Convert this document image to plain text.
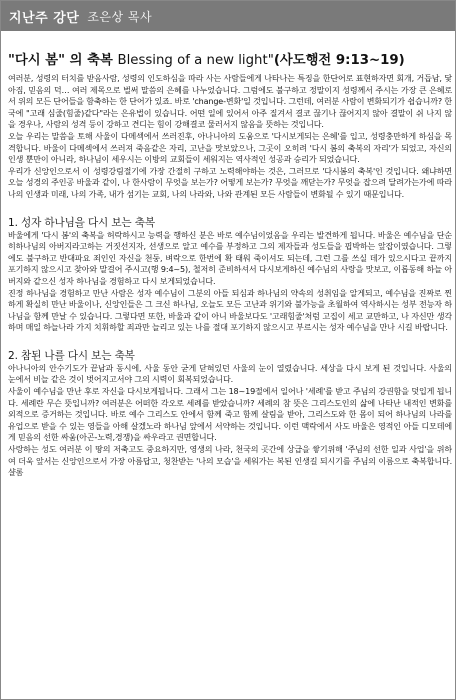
지난주 강단 조은상 목사
"다시 봄" 의 축복 Blessing of a new light"(사도행전 9:13~19)

여러분, 성령의 터치를 받음사람, 성령의 인도하심을 따라 사는 사람들에게 나타나는 특징을 한단어로 표현하자면 회개, 거듭남, 닻아짐, 믿음의 덕… 여러 제목으로 벌써 말씀의 은혜를 나누었습니다. 그럼에도 불구하고 정말이지 성령께서 주시는 가장 큰 은혜로서 위의 모든 단어들을 함축하는 한 단어가 있죠. 바로 'change-변화'일 것입니다. 그런데, 여러분 사람이 변화되기가 쉽습니까? 한국에 "고래 심줄(힘줄)같다"라는 은유법이 있습니다. 어떤 일에 있어서 아주 질겨서 결코 끊기나 끊어지지 않아 결말이 쉬 나지 않을 경우나, 사람의 성격 등이 강하고 견디는 힘이 강해결코 물러서지 않음을 뜻하는 것입니다.

오늘 우리는 말씀을 토해 사울이 다메섹에서 쓰러진후, 아나니아의 도움으로 '다시보게되는 은혜'를 입고, 성령충만하게 하심을 목격합니다. 바울이 다메섹에서 쓰러져 죽음같은 자리, 고난을 맛보았으나, 그곳이 오히려 '다시 봄의 축복의 자리'가 되었고, 자신의 인생 뿐만이 아니라, 하나님이 세우시는 이방의 교회들이 세워지는 역사적인 성공과 승리가 되었습니다.

우리가 신앙인으로서 이 성령강림절기에 가장 간절히 구하고 노력해야하는 것은, 그러므로 '다시봄의 축복'인 것입니다. 왜냐하면 오늘 성경의 주인공 바울과 같이, 나 한사람이 무엇을 보는가? 어떻게 보는가? 무엇을 깨닫는가? 무엇을 잡으려 달려가는가에 따라 나의 인생과 미래, 나의 가족, 내가 섬기는 교회, 나의 나라와, 나와 관계된 모든 사람들이 변화될 수 있기 때문입니다.

1. 성자 하나님을 다시 보는 축복

바울에게 '다시 봄'의 축복을 허락하시고 능력을 행하신 분은 바로 예수님이었음을 우리는 발견하게 됩니다. 바울은 예수님을 단순히하나님의 아버지라고하는 거짓선지자, 선생으로 알고 예수를 부정하고 그의 제자들과 성도들을 핍박하는 앞잡이였습니다. 그렇에도 불구하고 반대파요 죄인인 자신을 천둥, 벼락으로 한번에 확 태워 죽이셔도 되는데, 그런 그를 쓰실 데가 있으시다고 끝까지 포기하지 않으시고 찾아와 말걸어 주시고(행 9:4~5), 철저히 준비하셔서 다시보게하신 예수님의 사랑을 맛보고, 이롭동해 하늘 아버지와 같으신 성자 하나님을 경험하고 다시 보게되었습니다.

진정 하나님을 경험하고 만난 사람은 성자 예수님이 그분의 아들 되심과 하나님의 약속의 성취임을 알게되고, 예수님을 진짜로 찐하게 확실히 만난 바울이나, 신앙인들은 그 크신 하나님, 오늘도 모든 고난과 위기와 불가능을 초월하여 역사하시는 성부 전능자 하나님을 함께 만날 수 있습니다. 그렇다면 또한, 바울과 같이 아니 바울보다도 '고래힘줄'처럼 고집이 세고 교만하고, 나 자신만 생각하며 매일 하늘나라 가지 치휘하할 죄과만 늘리고 있는 나를 절대 포기하지 않으시고 부르시는 성자 예수님을 만나 시길 바랍니다.

2. 참된 나를 다시 보는 축복

아나니아의 안수기도가 끝남과 동시에, 사울 동안 굳게 닫혀있던 사울의 눈이 열렸습니다. 세상을 다시 보게 된 것입니다. 사울의 눈에서 비늘 같은 것이 벗어지고서야 그의 시력이 회복되었습니다.

사울이 예수님을 만난 후로 자신을 다시보게됩니다. 그래서 그는 18~19절에서 일어나 '세례'를 받고 주님의 강권함을 덧입게 됩니다. 세례란 무슨 뜻입니까? 여러분은 어떠한 각오로 세례를 받았습니까? 세례의 참 뜻은 그리스도인의 삶에 나타난 내적인 변화를 외적으로 증거하는 것입니다. 바로 예수 그리스도 안에서 함께 죽고 함께 살림을 받아, 그리스도와 한 몸이 되어 하나님의 나라를 유업으로 받을 수 있는 영들을 아해 살겠노라 하나님 앞에서 서약하는 것입니다. 이런 맥락에서 사도 바울은 영적인 아들 디모데에게 믿음의 선한 싸움(아곤-노력,경쟁)을 싸우라고 권면합니다.

사랑하는 성도 여러분 이 땅의 저축고도 중요하지만, 영생의 나라, 천국의 곳간에 상급을 쌓기위해 '주님의 선한 일과 사업'을 위하여 더욱 앞서는 신앙인으로서 가장 아름답고, 청찬받는 '나의 모습'을 세워가는 복된 인생길 되시기를 주님의 이름으로 축복합니다. 샬롬
